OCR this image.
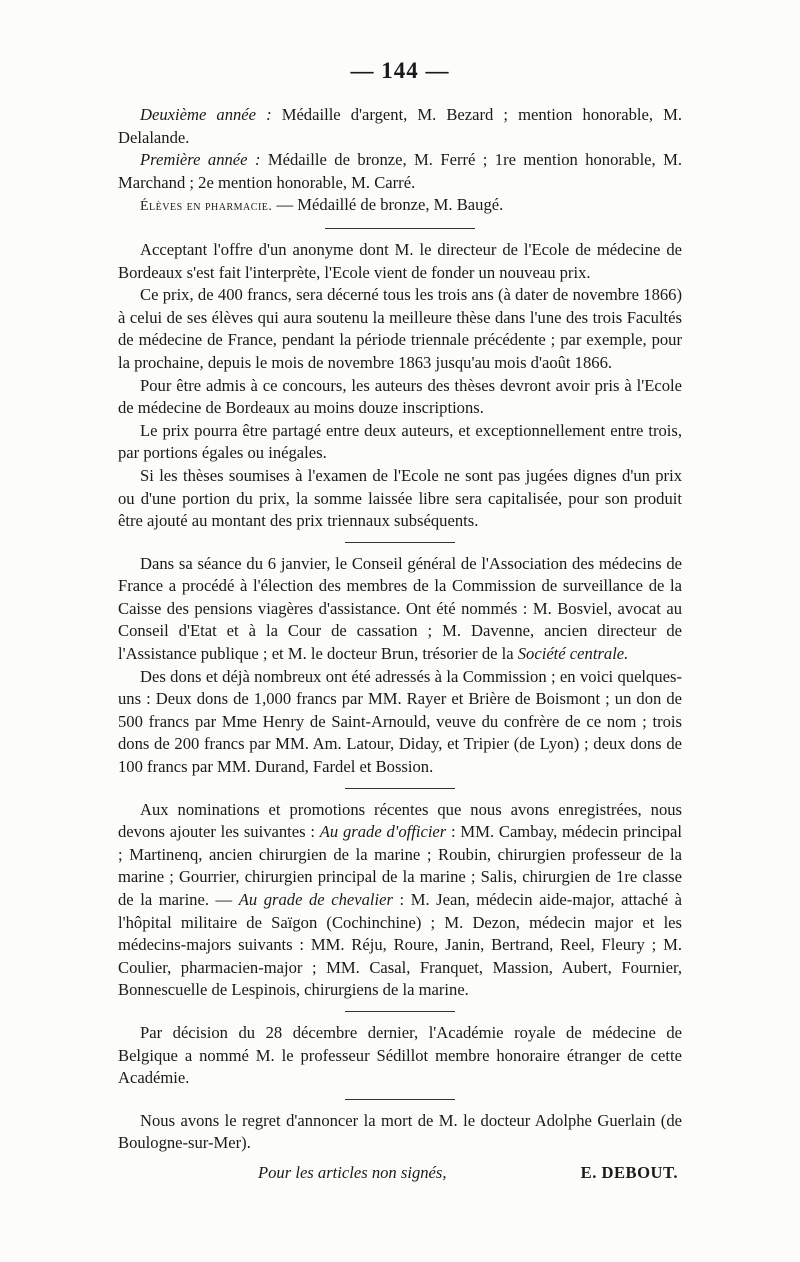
— 144 —

Deuxième année : Médaille d'argent, M. Bezard ; mention honorable, M. Delalande.

Première année : Médaille de bronze, M. Ferré ; 1re mention honorable, M. Marchand ; 2e mention honorable, M. Carré.

Élèves en pharmacie. — Médaillé de bronze, M. Baugé.

Acceptant l'offre d'un anonyme dont M. le directeur de l'Ecole de médecine de Bordeaux s'est fait l'interprète, l'Ecole vient de fonder un nouveau prix.

Ce prix, de 400 francs, sera décerné tous les trois ans (à dater de novembre 1866) à celui de ses élèves qui aura soutenu la meilleure thèse dans l'une des trois Facultés de médecine de France, pendant la période triennale précédente ; par exemple, pour la prochaine, depuis le mois de novembre 1863 jusqu'au mois d'août 1866.

Pour être admis à ce concours, les auteurs des thèses devront avoir pris à l'Ecole de médecine de Bordeaux au moins douze inscriptions.

Le prix pourra être partagé entre deux auteurs, et exceptionnellement entre trois, par portions égales ou inégales.

Si les thèses soumises à l'examen de l'Ecole ne sont pas jugées dignes d'un prix ou d'une portion du prix, la somme laissée libre sera capitalisée, pour son produit être ajouté au montant des prix triennaux subséquents.

Dans sa séance du 6 janvier, le Conseil général de l'Association des médecins de France a procédé à l'élection des membres de la Commission de surveillance de la Caisse des pensions viagères d'assistance. Ont été nommés : M. Bosviel, avocat au Conseil d'Etat et à la Cour de cassation ; M. Davenne, ancien directeur de l'Assistance publique ; et M. le docteur Brun, trésorier de la Société centrale.

Des dons et déjà nombreux ont été adressés à la Commission ; en voici quelques-uns : Deux dons de 1,000 francs par MM. Rayer et Brière de Boismont ; un don de 500 francs par Mme Henry de Saint-Arnould, veuve du confrère de ce nom ; trois dons de 200 francs par MM. Am. Latour, Diday, et Tripier (de Lyon) ; deux dons de 100 francs par MM. Durand, Fardel et Bossion.

Aux nominations et promotions récentes que nous avons enregistrées, nous devons ajouter les suivantes : Au grade d'officier : MM. Cambay, médecin principal ; Martinenq, ancien chirurgien de la marine ; Roubin, chirurgien professeur de la marine ; Gourrier, chirurgien principal de la marine ; Salis, chirurgien de 1re classe de la marine. — Au grade de chevalier : M. Jean, médecin aide-major, attaché à l'hôpital militaire de Saïgon (Cochinchine) ; M. Dezon, médecin major et les médecins-majors suivants : MM. Réju, Roure, Janin, Bertrand, Reel, Fleury ; M. Coulier, pharmacien-major ; MM. Casal, Franquet, Massion, Aubert, Fournier, Bonnescuelle de Lespinois, chirurgiens de la marine.

Par décision du 28 décembre dernier, l'Académie royale de médecine de Belgique a nommé M. le professeur Sédillot membre honoraire étranger de cette Académie.

Nous avons le regret d'annoncer la mort de M. le docteur Adolphe Guerlain (de Boulogne-sur-Mer).

Pour les articles non signés,	E. DEBOUT.
